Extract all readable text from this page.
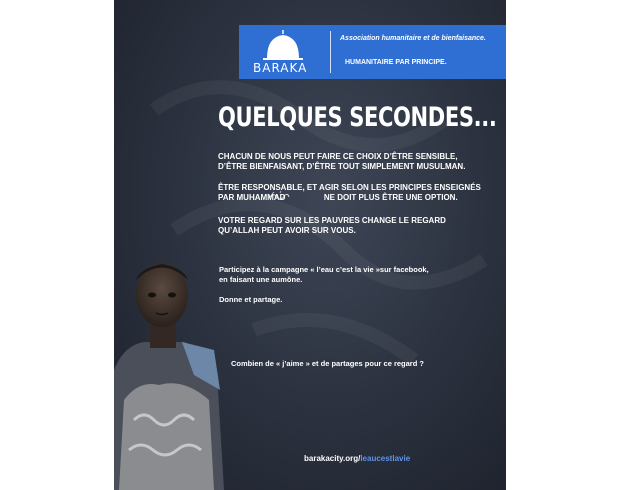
BARAKA
Association humanitaire et de bienfaisance.
HUMANITAIRE PAR PRINCIPE.
QUELQUES SECONDES...
CHACUN DE NOUS PEUT FAIRE CE CHOIX D’ÊTRE SENSIBLE,
D’ÊTRE BIENFAISANT, D’ÊTRE TOUT SIMPLEMENT MUSULMAN.
ÊTRE RESPONSABLE, ET AGIR SELON LES PRINCIPES ENSEIGNÉS
PAR MUHAMMAD	NE DOIT PLUS ÊTRE UNE OPTION.
VOTRE REGARD SUR LES PAUVRES CHANGE LE REGARD
QU’ALLAH PEUT AVOIR SUR VOUS.
Participez à la campagne « l’eau c’est la vie »sur facebook,
en faisant une aumône.
Donne et partage.
Combien de « j’aime » et de partages pour ce regard ?
barakacity.org/leaucestlavie
